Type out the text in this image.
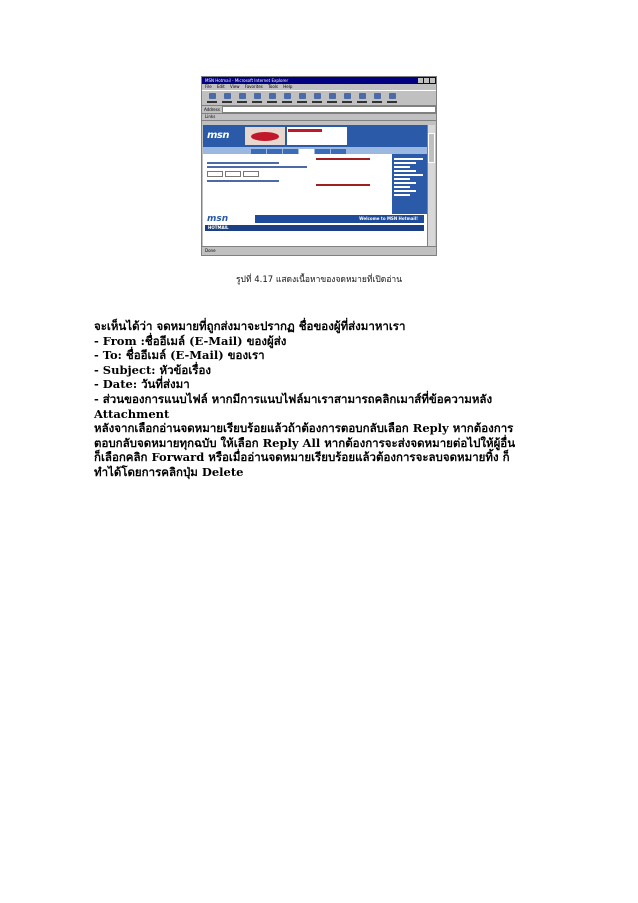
MSN Hotmail - Microsoft Internet Explorer
File Edit View Favorites Tools Help
Address
Links
msn
msn	Welcome to MSN Hotmail!
HOTMAIL
Done
รูปที่ 4.17 แสดงเนื้อหาของจดหมายที่เปิดอ่าน

จะเห็นได้ว่า จดหมายที่ถูกส่งมาจะปรากฏ ชื่อของผู้ที่ส่งมาหาเรา

- From :ชื่ออีเมล์ (E-Mail) ของผู้ส่ง

- To: ชื่ออีเมล์ (E-Mail) ของเรา

- Subject: หัวข้อเรื่อง

- Date: วันที่ส่งมา

- ส่วนของการแนบไฟล์ หากมีการแนบไฟล์มาเราสามารถคลิกเมาส์ที่ข้อความหลัง

Attachment

หลังจากเลือกอ่านจดหมายเรียบร้อยแล้วถ้าต้องการตอบกลับเลือก Reply หากต้องการ

ตอบกลับจดหมายทุกฉบับ ให้เลือก Reply All หากต้องการจะส่งจดหมายต่อไปให้ผู้อื่น

ก็เลือกคลิก Forward หรือเมื่ออ่านจดหมายเรียบร้อยแล้วต้องการจะลบจดหมายทิ้ง ก็

ทำได้โดยการคลิกปุ่ม Delete
